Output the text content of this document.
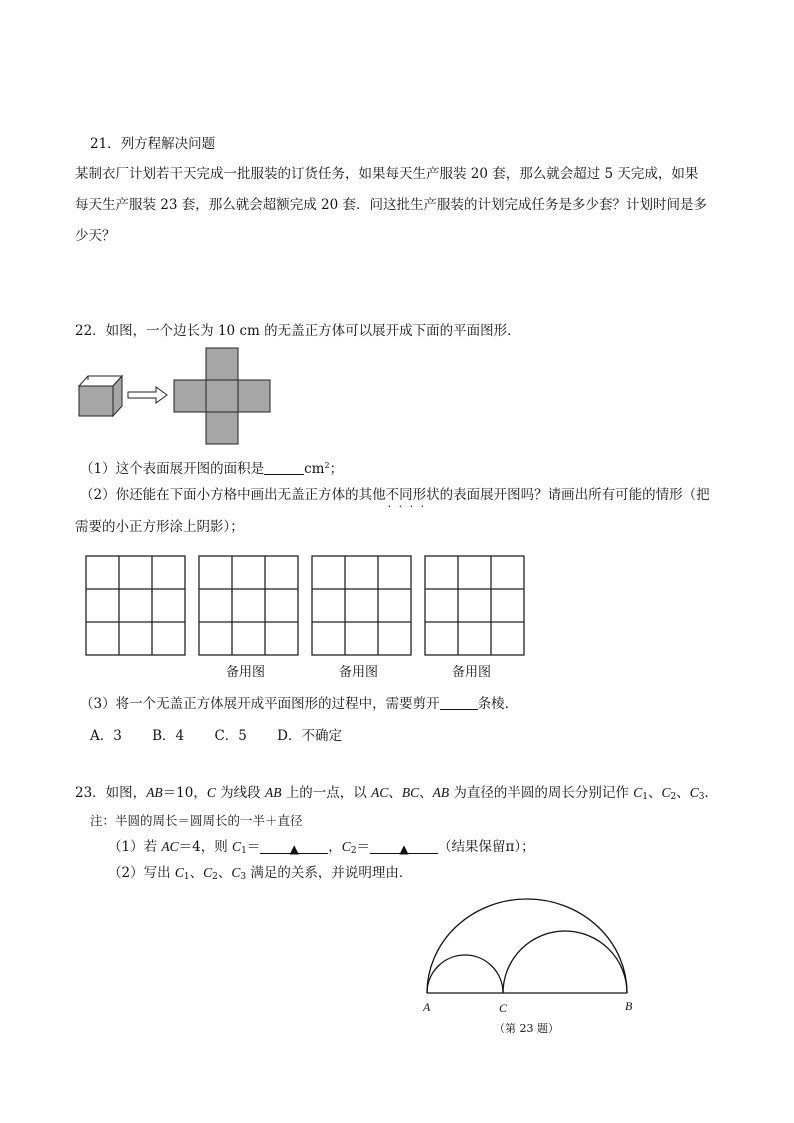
21．列方程解决问题
某制衣厂计划若干天完成一批服装的订货任务，如果每天生产服装 20 套，那么就会超过 5 天完成，如果
每天生产服装 23 套，那么就会超额完成 20 套．问这批生产服装的计划完成任务是多少套？计划时间是多
少天？
22．如图，一个边长为 10 cm 的无盖正方体可以展开成下面的平面图形．
（1）这个表面展开图的面积是	$cm^2$；
（2）你还能在下面小方格中画出无盖正方体的其他不同形状 · · · ·的表面展开图吗？请画出所有可能的情形（把
需要的小正方形涂上阴影）；
备用图	备用图	备用图
（3）将一个无盖正方体展开成平面图形的过程中，需要剪开	条棱．
A．3 B．4 C．5 D．不确定
23．如图，AB＝10，C 为线段 AB 上的一点，以 AC、BC、AB 为直径的半圆的周长分别记作 $C_1$、$C_2$、$C_3$．
注：半圆的周长＝圆周长的一半＋直径
（1）若 AC＝4，则 $C_1=$ ▲ ，$C_2=$ ▲ （结果保留π）；
（2）写出 $C_1$、$C_2$、$C_3$ 满足的关系，并说明理由．
A	C	B
（第 23 题）
